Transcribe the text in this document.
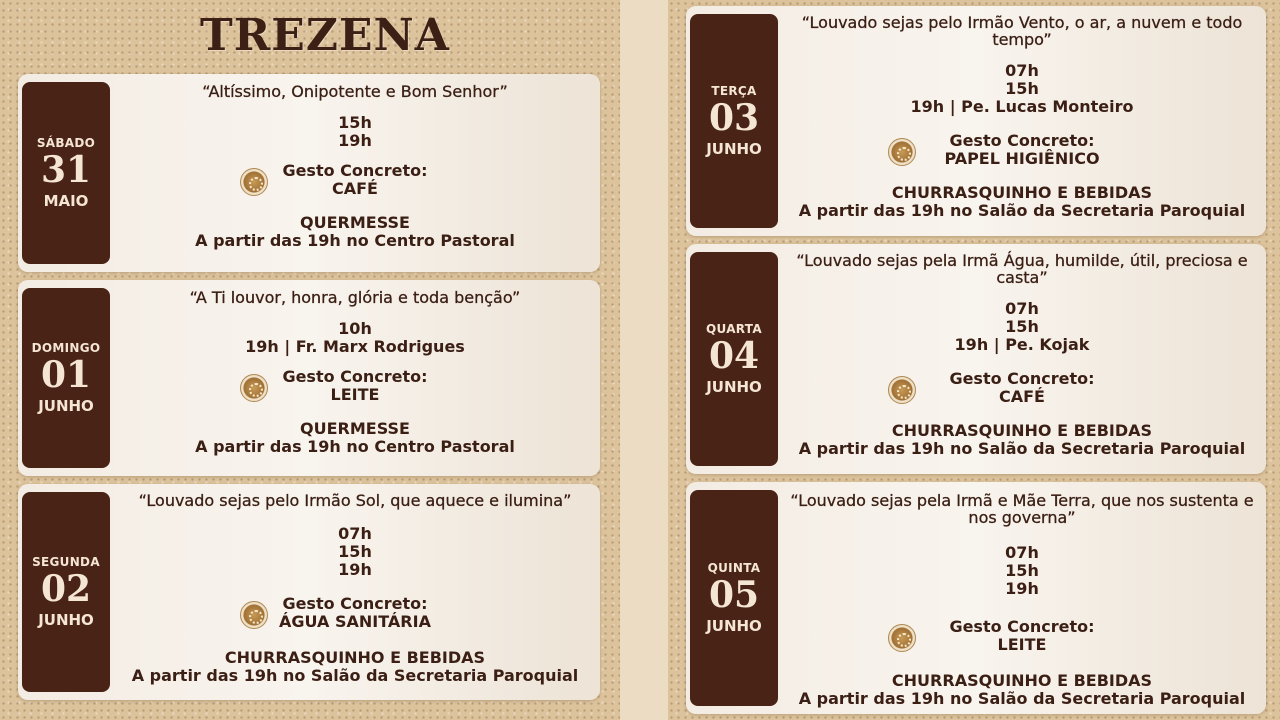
TREZENA
SÁBADO
31
MAIO
“Altíssimo, Onipotente e Bom Senhor”
15h
19h
Gesto Concreto:
CAFÉ
QUERMESSE
A partir das 19h no Centro Pastoral
DOMINGO
01
JUNHO
“A Ti louvor, honra, glória e toda benção”
10h
19h | Fr. Marx Rodrigues
Gesto Concreto:
LEITE
QUERMESSE
A partir das 19h no Centro Pastoral
SEGUNDA
02
JUNHO
“Louvado sejas pelo Irmão Sol, que aquece e ilumina”
07h
15h
19h
Gesto Concreto:
ÁGUA SANITÁRIA
CHURRASQUINHO E BEBIDAS
A partir das 19h no Salão da Secretaria Paroquial
TERÇA
03
JUNHO
“Louvado sejas pelo Irmão Vento, o ar, a nuvem e todo tempo”
07h
15h
19h | Pe. Lucas Monteiro
Gesto Concreto:
PAPEL HIGIÊNICO
CHURRASQUINHO E BEBIDAS
A partir das 19h no Salão da Secretaria Paroquial
QUARTA
04
JUNHO
“Louvado sejas pela Irmã Água, humilde, útil, preciosa e casta”
07h
15h
19h | Pe. Kojak
Gesto Concreto:
CAFÉ
CHURRASQUINHO E BEBIDAS
A partir das 19h no Salão da Secretaria Paroquial
QUINTA
05
JUNHO
“Louvado sejas pela Irmã e Mãe Terra, que nos sustenta e nos governa”
07h
15h
19h
Gesto Concreto:
LEITE
CHURRASQUINHO E BEBIDAS
A partir das 19h no Salão da Secretaria Paroquial
